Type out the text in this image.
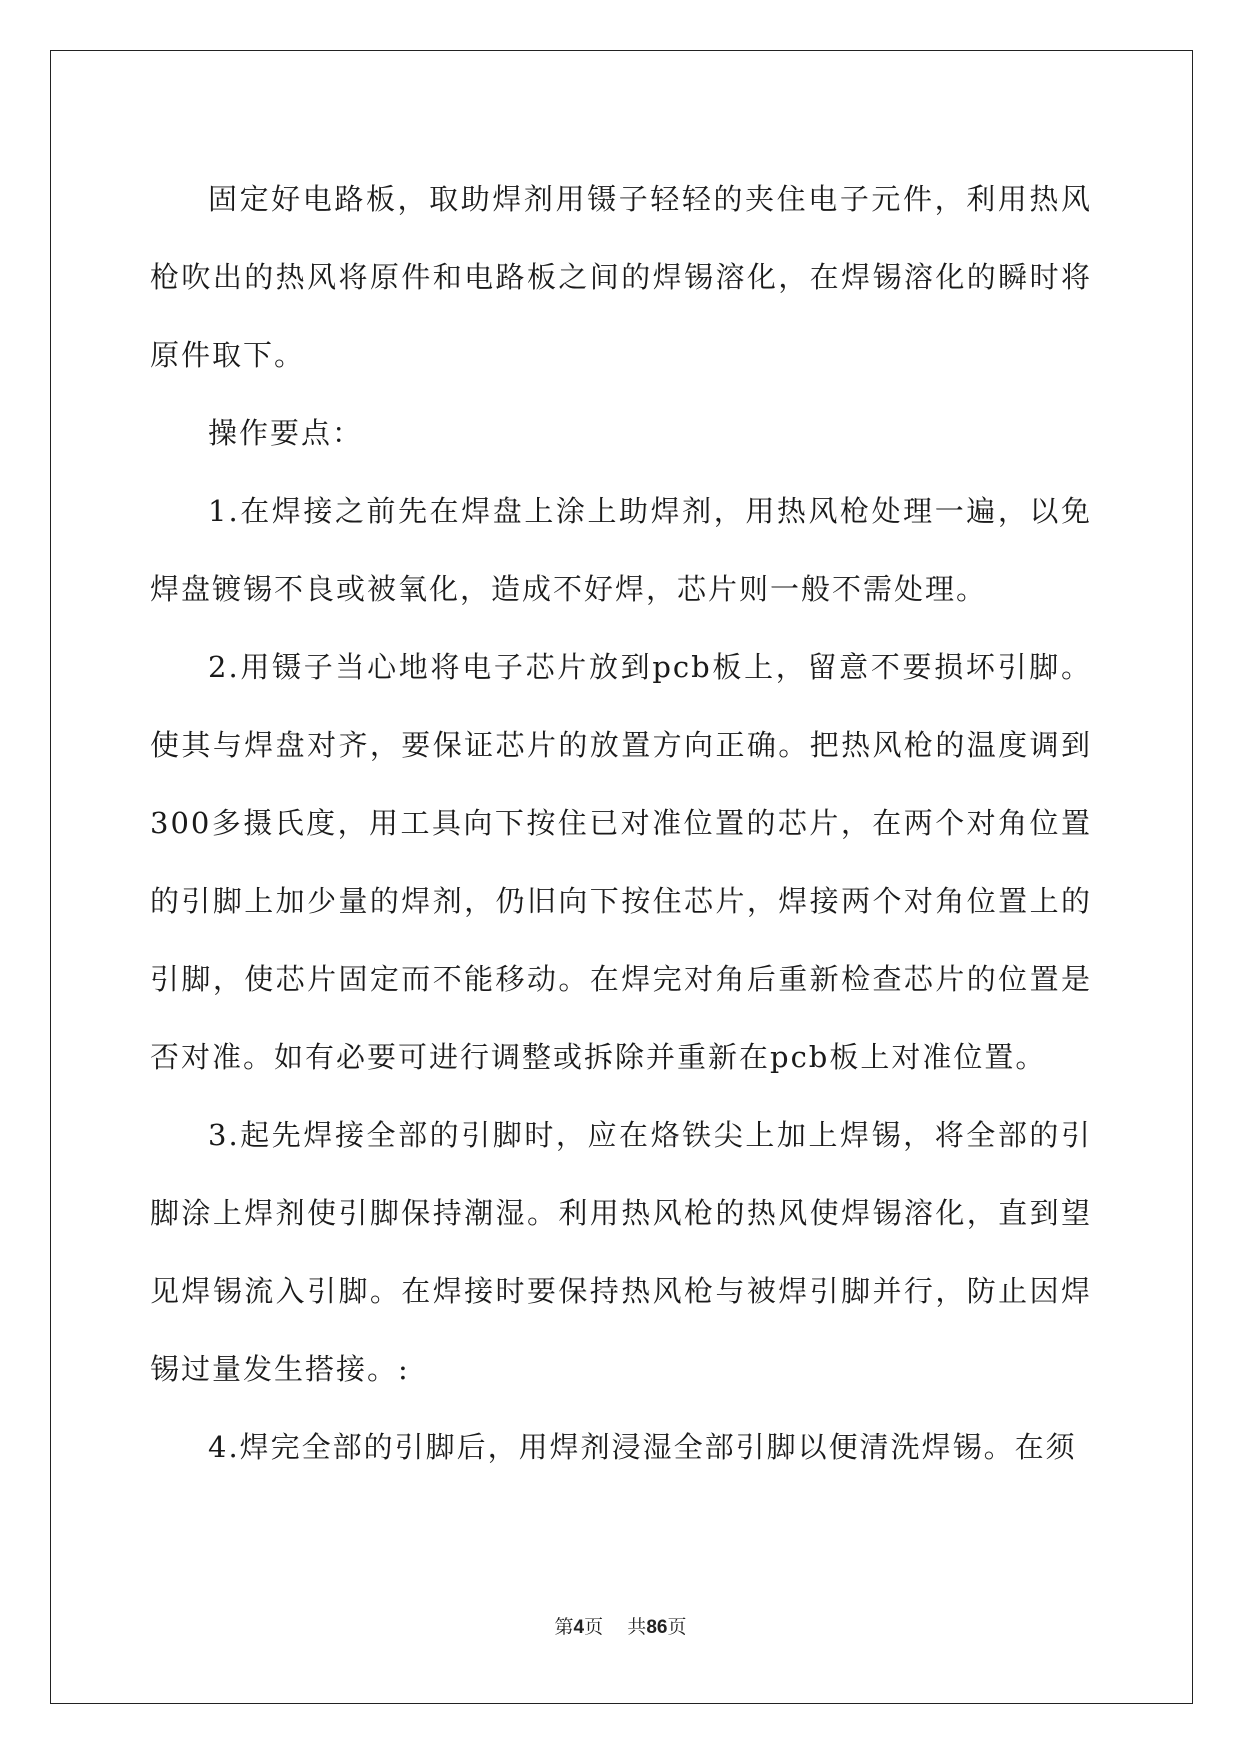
固定好电路板，取助焊剂用镊子轻轻的夹住电子元件，利用热风枪吹出的热风将原件和电路板之间的焊锡溶化，在焊锡溶化的瞬时将原件取下。

操作要点：

1.在焊接之前先在焊盘上涂上助焊剂，用热风枪处理一遍，以免焊盘镀锡不良或被氧化，造成不好焊，芯片则一般不需处理。

2.用镊子当心地将电子芯片放到pcb板上，留意不要损坏引脚。使其与焊盘对齐，要保证芯片的放置方向正确。把热风枪的温度调到300多摄氏度，用工具向下按住已对准位置的芯片，在两个对角位置的引脚上加少量的焊剂，仍旧向下按住芯片，焊接两个对角位置上的引脚，使芯片固定而不能移动。在焊完对角后重新检查芯片的位置是否对准。如有必要可进行调整或拆除并重新在pcb板上对准位置。

3.起先焊接全部的引脚时，应在烙铁尖上加上焊锡，将全部的引脚涂上焊剂使引脚保持潮湿。利用热风枪的热风使焊锡溶化，直到望见焊锡流入引脚。在焊接时要保持热风枪与被焊引脚并行，防止因焊锡过量发生搭接。:

4.焊完全部的引脚后，用焊剂浸湿全部引脚以便清洗焊锡。在须

第4页 共86页
